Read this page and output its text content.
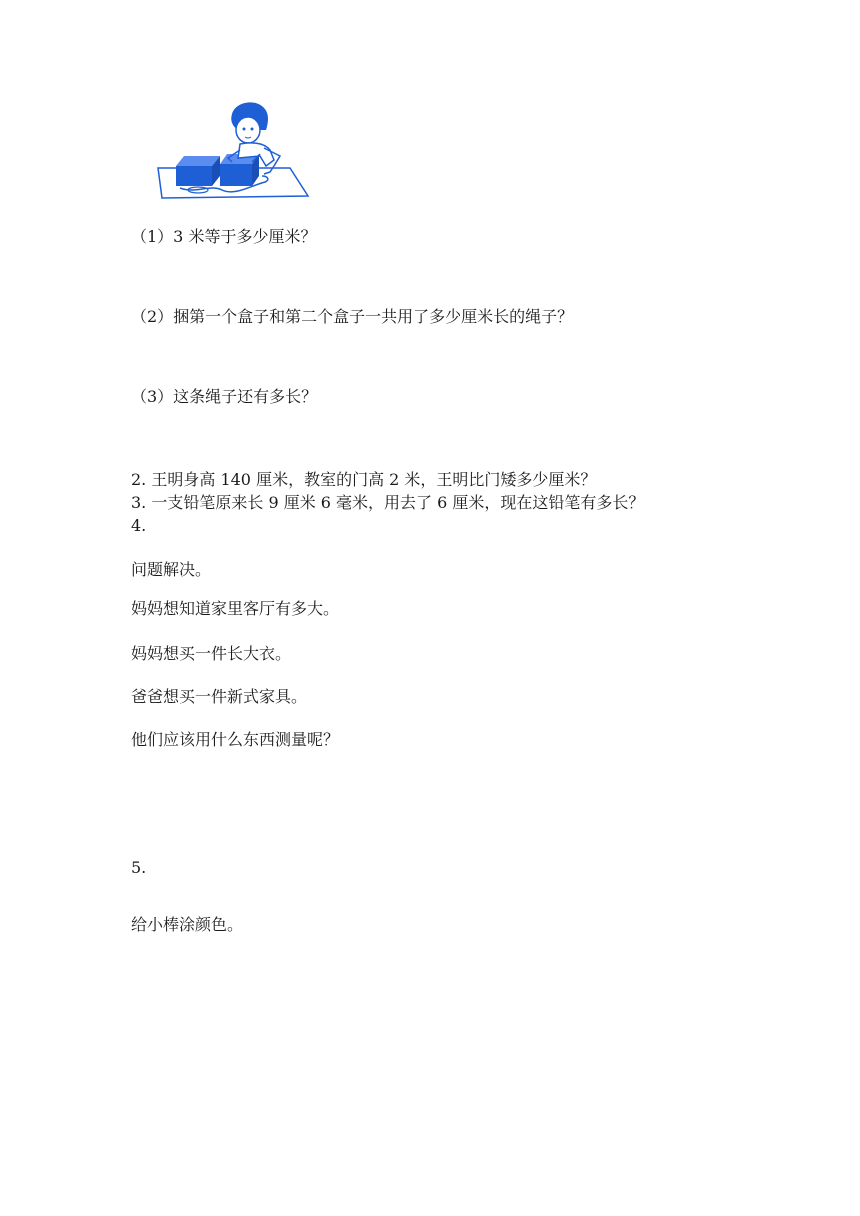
（1）3 米等于多少厘米？
（2）捆第一个盒子和第二个盒子一共用了多少厘米长的绳子？
（3）这条绳子还有多长？
2. 王明身高 140 厘米，教室的门高 2 米，王明比门矮多少厘米？
3. 一支铅笔原来长 9 厘米 6 毫米，用去了 6 厘米，现在这铅笔有多长？
4.
问题解决。
妈妈想知道家里客厅有多大。
妈妈想买一件长大衣。
爸爸想买一件新式家具。
他们应该用什么东西测量呢？
5.
给小棒涂颜色。
